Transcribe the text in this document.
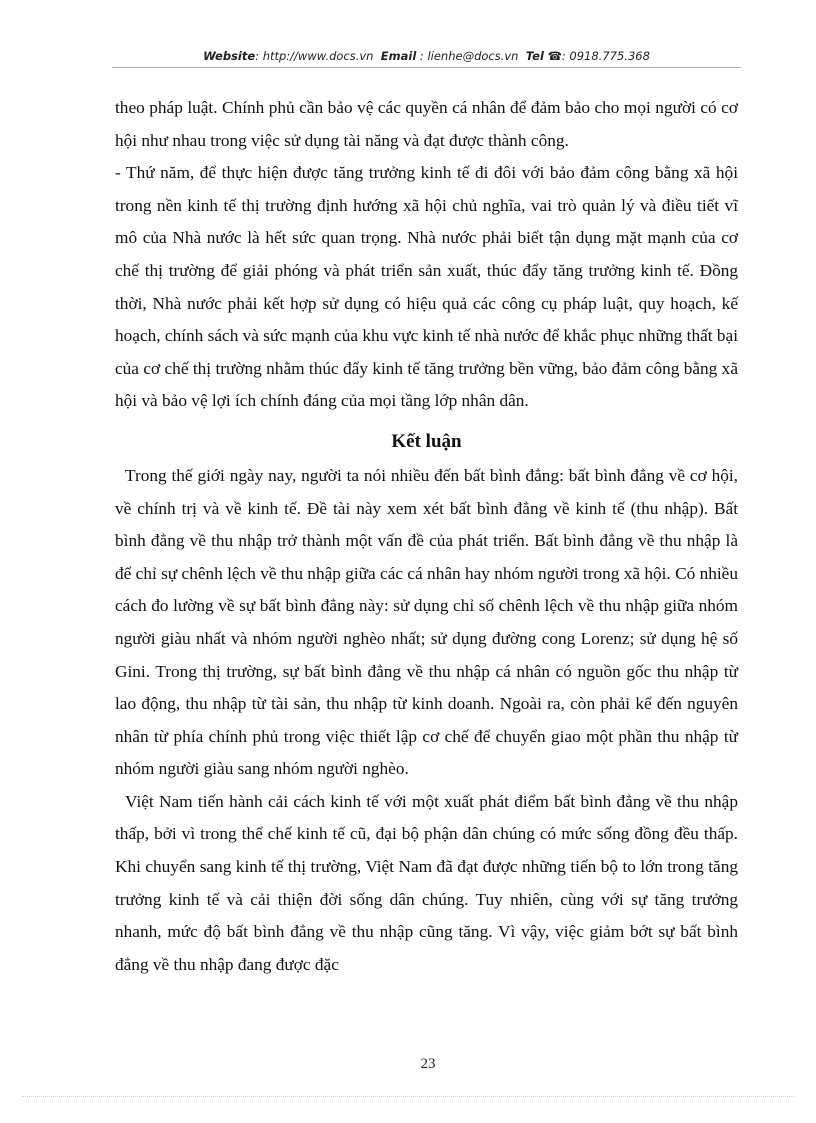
Website: http://www.docs.vn Email : lienhe@docs.vn Tel ☎: 0918.775.368

theo pháp luật. Chính phủ cần bảo vệ các quyền cá nhân để đảm bảo cho mọi người có cơ hội như nhau trong việc sử dụng tài năng và đạt được thành công.

- Thứ năm, để thực hiện được tăng trưởng kinh tế đi đôi với bảo đảm công bằng xã hội trong nền kinh tế thị trường định hướng xã hội chủ nghĩa, vai trò quản lý và điều tiết vĩ mô của Nhà nước là hết sức quan trọng. Nhà nước phải biết tận dụng mặt mạnh của cơ chế thị trường để giải phóng và phát triển sản xuất, thúc đẩy tăng trưởng kinh tế. Đồng thời, Nhà nước phải kết hợp sử dụng có hiệu quả các công cụ pháp luật, quy hoạch, kế hoạch, chính sách và sức mạnh của khu vực kinh tế nhà nước để khắc phục những thất bại của cơ chế thị trường nhằm thúc đẩy kinh tế tăng trưởng bền vững, bảo đảm công bằng xã hội và bảo vệ lợi ích chính đáng của mọi tầng lớp nhân dân.

Kết luận

Trong thế giới ngày nay, người ta nói nhiều đến bất bình đẳng: bất bình đẳng về cơ hội, về chính trị và về kinh tế. Đề tài này xem xét bất bình đẳng về kinh tế (thu nhập). Bất bình đẳng về thu nhập trở thành một vấn đề của phát triển. Bất bình đẳng về thu nhập là để chỉ sự chênh lệch về thu nhập giữa các cá nhân hay nhóm người trong xã hội. Có nhiều cách đo lường về sự bất bình đẳng này: sử dụng chỉ số chênh lệch về thu nhập giữa nhóm người giàu nhất và nhóm người nghèo nhất; sử dụng đường cong Lorenz; sử dụng hệ số Gini. Trong thị trường, sự bất bình đẳng về thu nhập cá nhân có nguồn gốc thu nhập từ lao động, thu nhập từ tài sản, thu nhập từ kinh doanh. Ngoài ra, còn phải kể đến nguyên nhân từ phía chính phủ trong việc thiết lập cơ chế để chuyển giao một phần thu nhập từ nhóm người giàu sang nhóm người nghèo.

Việt Nam tiến hành cải cách kinh tế với một xuất phát điểm bất bình đẳng về thu nhập thấp, bởi vì trong thể chế kinh tế cũ, đại bộ phận dân chúng có mức sống đồng đều thấp. Khi chuyển sang kinh tế thị trường, Việt Nam đã đạt được những tiến bộ to lớn trong tăng trưởng kinh tế và cải thiện đời sống dân chúng. Tuy nhiên, cùng với sự tăng trưởng nhanh, mức độ bất bình đẳng về thu nhập cũng tăng. Vì vậy, việc giảm bớt sự bất bình đẳng về thu nhập đang được đặc

23
